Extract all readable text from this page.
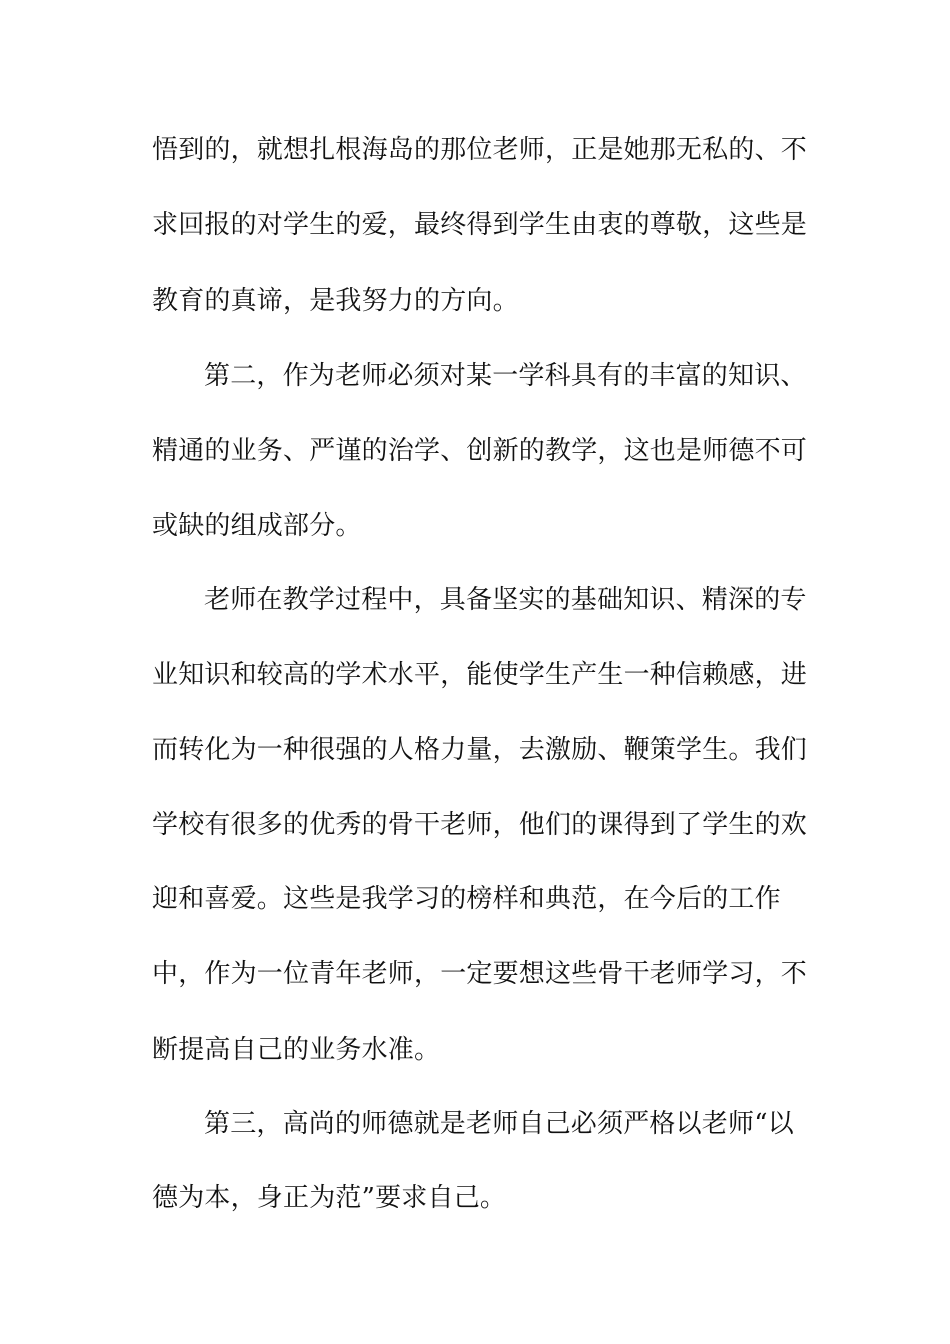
悟到的，就想扎根海岛的那位老师，正是她那无私的、不
求回报的对学生的爱，最终得到学生由衷的尊敬，这些是
教育的真谛，是我努力的方向。
第二，作为老师必须对某一学科具有的丰富的知识、
精通的业务、严谨的治学、创新的教学，这也是师德不可
或缺的组成部分。
老师在教学过程中，具备坚实的基础知识、精深的专
业知识和较高的学术水平，能使学生产生一种信赖感，进
而转化为一种很强的人格力量，去激励、鞭策学生。我们
学校有很多的优秀的骨干老师，他们的课得到了学生的欢
迎和喜爱。这些是我学习的榜样和典范，在今后的工作
中，作为一位青年老师，一定要想这些骨干老师学习，不
断提高自己的业务水准。
第三，高尚的师德就是老师自己必须严格以老师“以
德为本，身正为范”要求自己。
